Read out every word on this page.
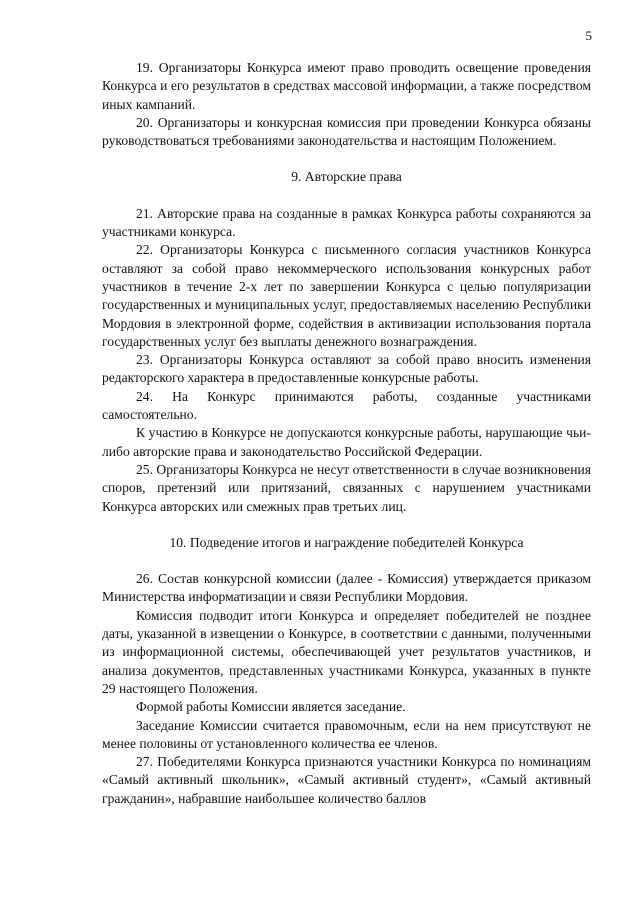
5

19. Организаторы Конкурса имеют право проводить освещение проведения Конкурса и его результатов в средствах массовой информации, а также посредством иных кампаний.

20. Организаторы и конкурсная комиссия при проведении Конкурса обязаны руководствоваться требованиями законодательства и настоящим Положением.

9. Авторские права

21. Авторские права на созданные в рамках Конкурса работы сохраняются за участниками конкурса.

22. Организаторы Конкурса с письменного согласия участников Конкурса оставляют за собой право некоммерческого использования конкурсных работ участников в течение 2-х лет по завершении Конкурса с целью популяризации государственных и муниципальных услуг, предоставляемых населению Республики Мордовия в электронной форме, содействия в активизации использования портала государственных услуг без выплаты денежного вознаграждения.

23. Организаторы Конкурса оставляют за собой право вносить изменения редакторского характера в предоставленные конкурсные работы.

24. На Конкурс принимаются работы, созданные участниками самостоятельно.

К участию в Конкурсе не допускаются конкурсные работы, нарушающие чьи-либо авторские права и законодательство Российской Федерации.

25. Организаторы Конкурса не несут ответственности в случае возникновения споров, претензий или притязаний, связанных с нарушением участниками Конкурса авторских или смежных прав третьих лиц.

10. Подведение итогов и награждение победителей Конкурса

26. Состав конкурсной комиссии (далее - Комиссия) утверждается приказом Министерства информатизации и связи Республики Мордовия.

Комиссия подводит итоги Конкурса и определяет победителей не позднее даты, указанной в извещении о Конкурсе, в соответствии с данными, полученными из информационной системы, обеспечивающей учет результатов участников, и анализа документов, представленных участниками Конкурса, указанных в пункте 29 настоящего Положения.

Формой работы Комиссии является заседание.

Заседание Комиссии считается правомочным, если на нем присутствуют не менее половины от установленного количества ее членов.

27. Победителями Конкурса признаются участники Конкурса по номинациям «Самый активный школьник», «Самый активный студент», «Самый активный гражданин», набравшие наибольшее количество баллов
